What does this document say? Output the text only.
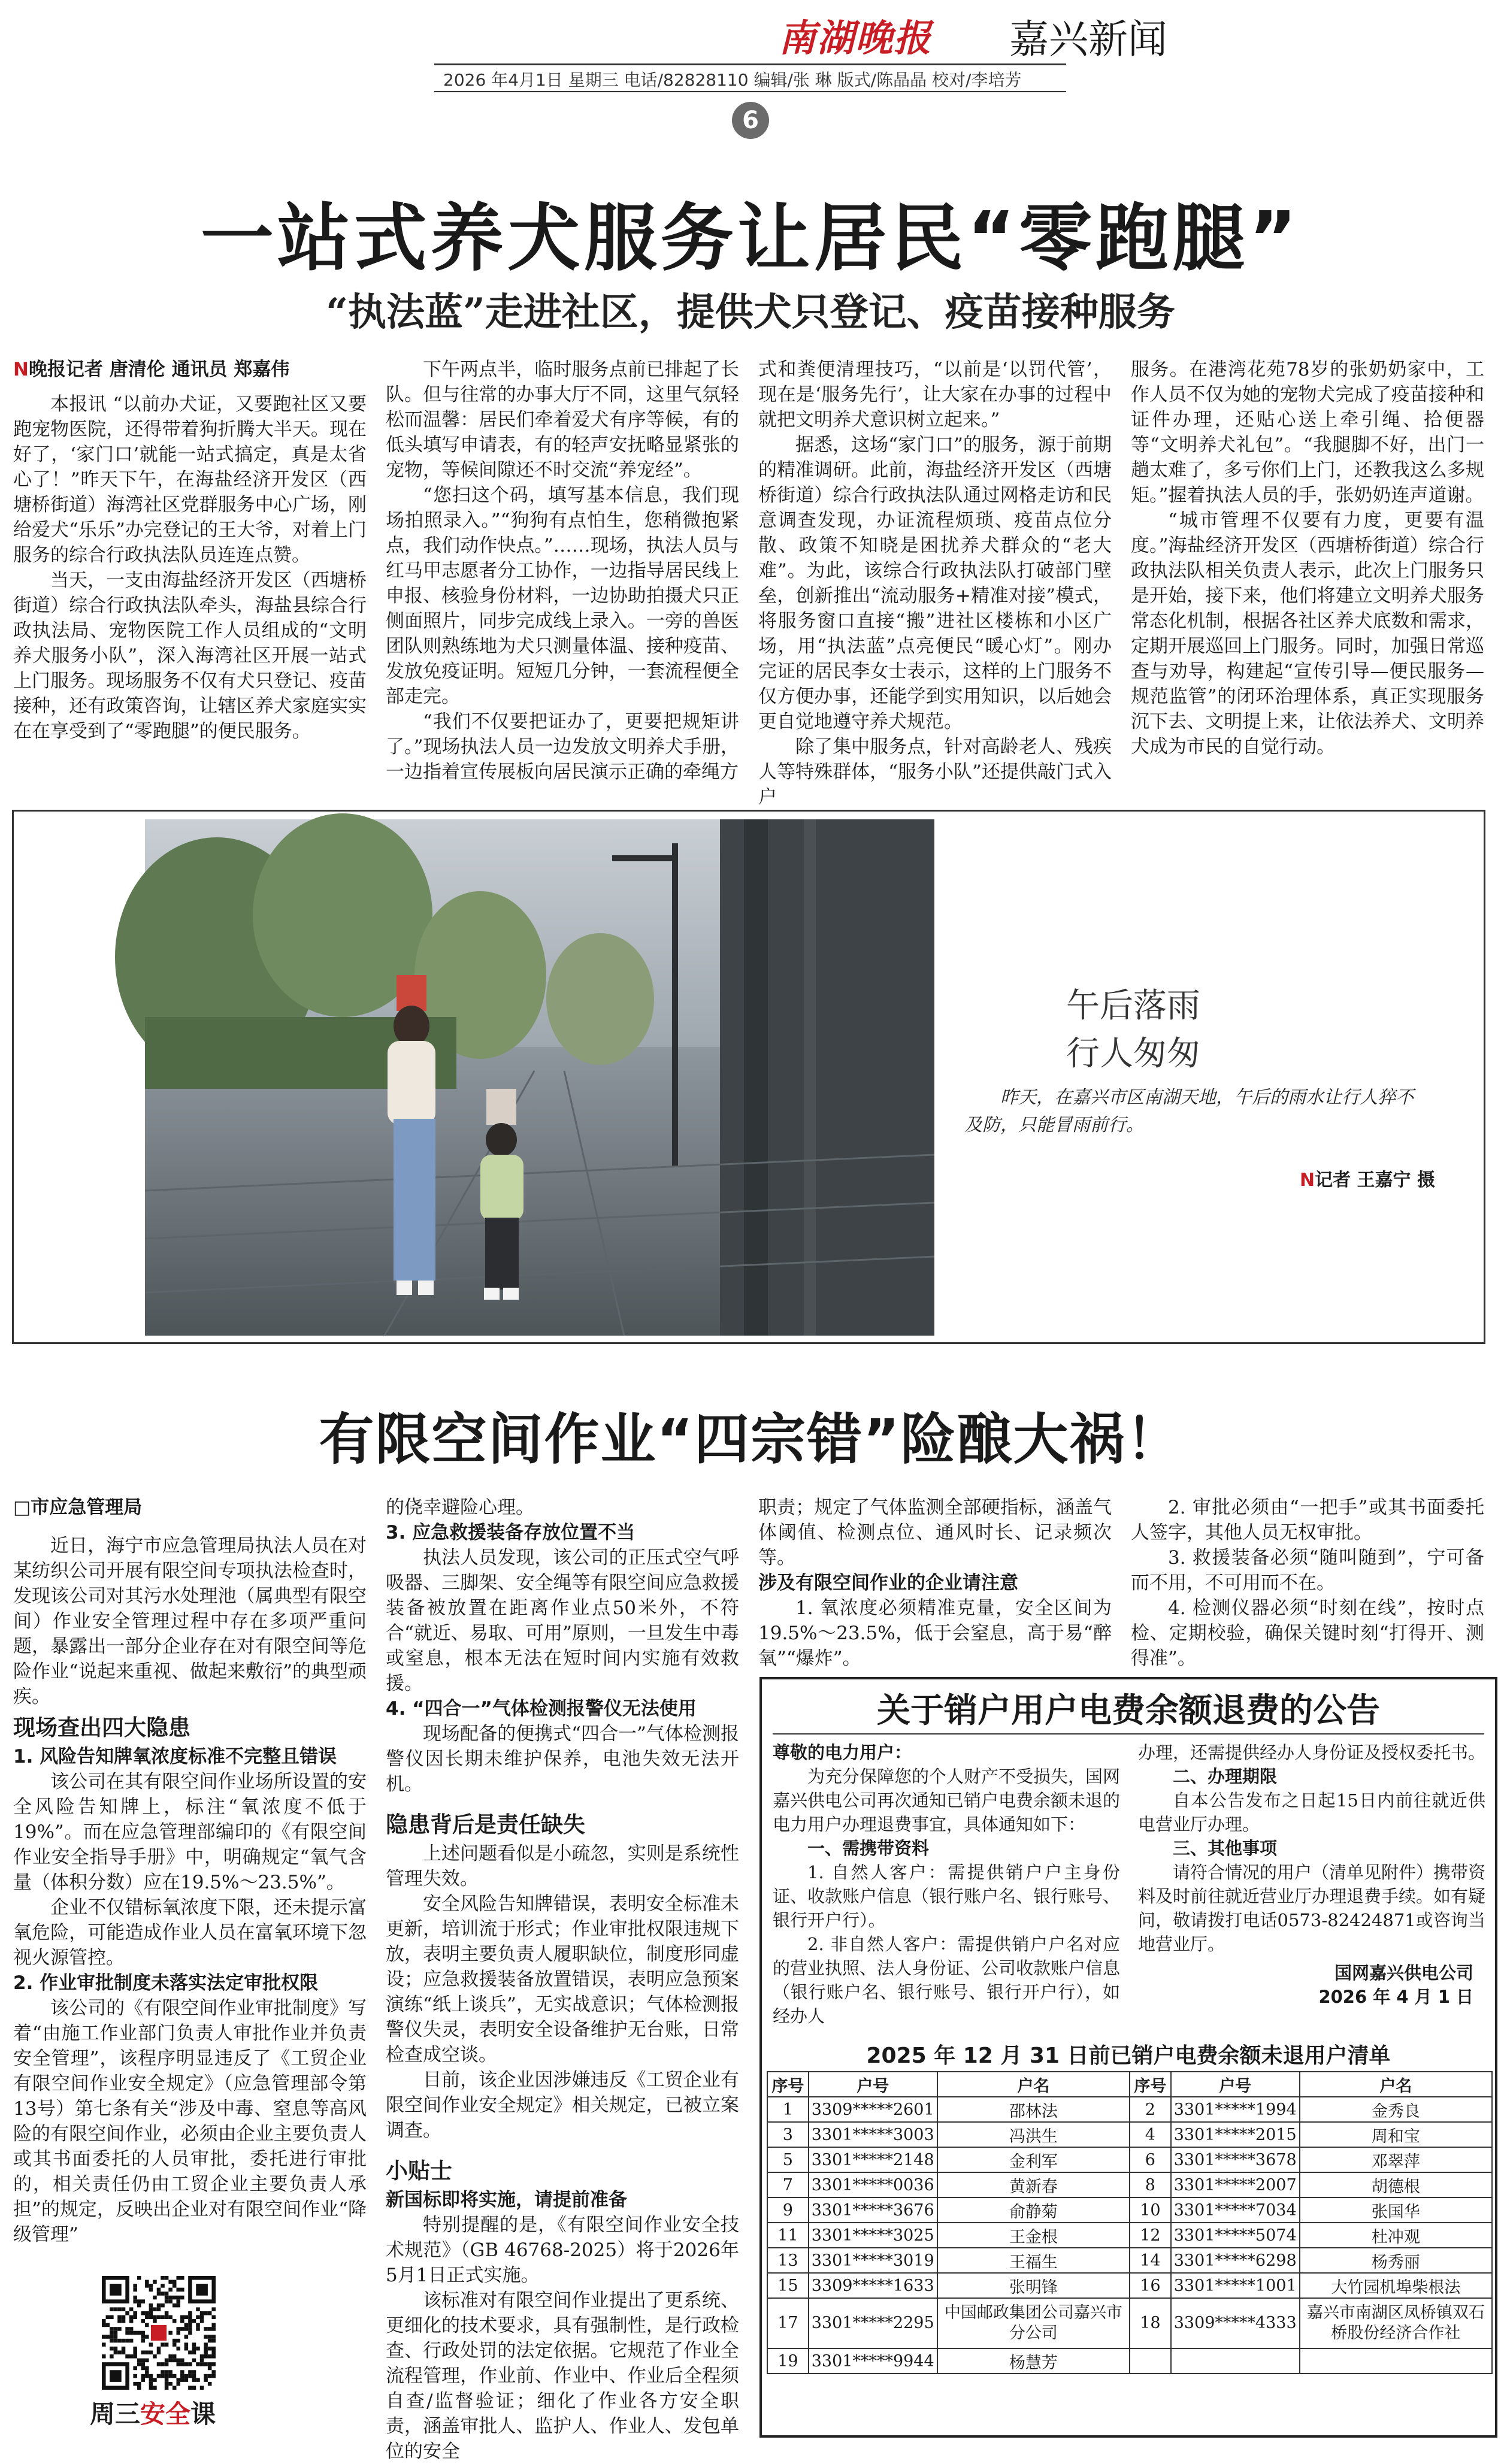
南湖晚报 嘉兴新闻
2026 年4月1日 星期三 电话/82828110 编辑/张 琳 版式/陈晶晶 校对/李培芳
6
一站式养犬服务让居民“零跑腿”
“执法蓝”走进社区，提供犬只登记、疫苗接种服务
N晚报记者 唐清伦 通讯员 郑嘉伟

本报讯 “以前办犬证，又要跑社区又要跑宠物医院，还得带着狗折腾大半天。现在好了，‘家门口’就能一站式搞定，真是太省心了！”昨天下午，在海盐经济开发区（西塘桥街道）海湾社区党群服务中心广场，刚给爱犬“乐乐”办完登记的王大爷，对着上门服务的综合行政执法队员连连点赞。

当天，一支由海盐经济开发区（西塘桥街道）综合行政执法队牵头，海盐县综合行政执法局、宠物医院工作人员组成的“文明养犬服务小队”，深入海湾社区开展一站式上门服务。现场服务不仅有犬只登记、疫苗接种，还有政策咨询，让辖区养犬家庭实实在在享受到了“零跑腿”的便民服务。

下午两点半，临时服务点前已排起了长队。但与往常的办事大厅不同，这里气氛轻松而温馨：居民们牵着爱犬有序等候，有的低头填写申请表，有的轻声安抚略显紧张的宠物，等候间隙还不时交流“养宠经”。

“您扫这个码，填写基本信息，我们现场拍照录入。”“狗狗有点怕生，您稍微抱紧点，我们动作快点。”……现场，执法人员与红马甲志愿者分工协作，一边指导居民线上申报、核验身份材料，一边协助拍摄犬只正侧面照片，同步完成线上录入。一旁的兽医团队则熟练地为犬只测量体温、接种疫苗、发放免疫证明。短短几分钟，一套流程便全部走完。

“我们不仅要把证办了，更要把规矩讲了。”现场执法人员一边发放文明养犬手册，一边指着宣传展板向居民演示正确的牵绳方

式和粪便清理技巧，“以前是‘以罚代管’，现在是‘服务先行’，让大家在办事的过程中就把文明养犬意识树立起来。”

据悉，这场“家门口”的服务，源于前期的精准调研。此前，海盐经济开发区（西塘桥街道）综合行政执法队通过网格走访和民意调查发现，办证流程烦琐、疫苗点位分散、政策不知晓是困扰养犬群众的“老大难”。为此，该综合行政执法队打破部门壁垒，创新推出“流动服务+精准对接”模式，将服务窗口直接“搬”进社区楼栋和小区广场，用“执法蓝”点亮便民“暖心灯”。刚办完证的居民李女士表示，这样的上门服务不仅方便办事，还能学到实用知识，以后她会更自觉地遵守养犬规范。

除了集中服务点，针对高龄老人、残疾人等特殊群体，“服务小队”还提供敲门式入户

服务。在港湾花苑78岁的张奶奶家中，工作人员不仅为她的宠物犬完成了疫苗接种和证件办理，还贴心送上牵引绳、拾便器等“文明养犬礼包”。“我腿脚不好，出门一趟太难了，多亏你们上门，还教我这么多规矩。”握着执法人员的手，张奶奶连声道谢。

“城市管理不仅要有力度，更要有温度。”海盐经济开发区（西塘桥街道）综合行政执法队相关负责人表示，此次上门服务只是开始，接下来，他们将建立文明养犬服务常态化机制，根据各社区养犬底数和需求，定期开展巡回上门服务。同时，加强日常巡查与劝导，构建起“宣传引导—便民服务—规范监管”的闭环治理体系，真正实现服务沉下去、文明提上来，让依法养犬、文明养犬成为市民的自觉行动。

午后落雨
行人匆匆
昨天，在嘉兴市区南湖天地，午后的雨水让行人猝不及防，只能冒雨前行。
N记者 王嘉宁 摄
有限空间作业“四宗错”险酿大祸！
□市应急管理局

近日，海宁市应急管理局执法人员在对某纺织公司开展有限空间专项执法检查时，发现该公司对其污水处理池（属典型有限空间）作业安全管理过程中存在多项严重问题，暴露出一部分企业存在对有限空间等危险作业“说起来重视、做起来敷衍”的典型顽疾。

现场查出四大隐患
1. 风险告知牌氧浓度标准不完整且错误

该公司在其有限空间作业场所设置的安全风险告知牌上，标注“氧浓度不低于19%”。而在应急管理部编印的《有限空间作业安全指导手册》中，明确规定“氧气含量（体积分数）应在19.5%～23.5%”。

企业不仅错标氧浓度下限，还未提示富氧危险，可能造成作业人员在富氧环境下忽视火源管控。

2. 作业审批制度未落实法定审批权限

该公司的《有限空间作业审批制度》写着“由施工作业部门负责人审批作业并负责安全管理”，该程序明显违反了《工贸企业有限空间作业安全规定》（应急管理部令第13号）第七条有关“涉及中毒、窒息等高风险的有限空间作业，必须由企业主要负责人或其书面委托的人员审批，委托进行审批的，相关责任仍由工贸企业主要负责人承担”的规定，反映出企业对有限空间作业“降级管理”

的侥幸避险心理。

3. 应急救援装备存放位置不当

执法人员发现，该公司的正压式空气呼吸器、三脚架、安全绳等有限空间应急救援装备被放置在距离作业点50米外，不符合“就近、易取、可用”原则，一旦发生中毒或窒息，根本无法在短时间内实施有效救援。

4. “四合一”气体检测报警仪无法使用

现场配备的便携式“四合一”气体检测报警仪因长期未维护保养，电池失效无法开机。

隐患背后是责任缺失

上述问题看似是小疏忽，实则是系统性管理失效。

安全风险告知牌错误，表明安全标准未更新，培训流于形式；作业审批权限违规下放，表明主要负责人履职缺位，制度形同虚设；应急救援装备放置错误，表明应急预案演练“纸上谈兵”，无实战意识；气体检测报警仪失灵，表明安全设备维护无台账，日常检查成空谈。

目前，该企业因涉嫌违反《工贸企业有限空间作业安全规定》相关规定，已被立案调查。

小贴士
新国标即将实施，请提前准备

特别提醒的是，《有限空间作业安全技术规范》（GB 46768-2025）将于2026年5月1日正式实施。

该标准对有限空间作业提出了更系统、更细化的技术要求，具有强制性，是行政检查、行政处罚的法定依据。它规范了作业全流程管理，作业前、作业中、作业后全程须自查/监督验证；细化了作业各方安全职责，涵盖审批人、监护人、作业人、发包单位的安全

职责；规定了气体监测全部硬指标，涵盖气体阈值、检测点位、通风时长、记录频次等。

涉及有限空间作业的企业请注意

1. 氧浓度必须精准克量，安全区间为19.5%～23.5%，低于会窒息，高于易“醉氧”“爆炸”。

2. 审批必须由“一把手”或其书面委托人签字，其他人员无权审批。

3. 救援装备必须“随叫随到”，宁可备而不用，不可用而不在。

4. 检测仪器必须“时刻在线”，按时点检、定期校验，确保关键时刻“打得开、测得准”。

关于销户用户电费余额退费的公告
尊敬的电力用户：

为充分保障您的个人财产不受损失，国网嘉兴供电公司再次通知已销户电费余额未退的电力用户办理退费事宜，具体通知如下：

一、需携带资料

1. 自然人客户：需提供销户户主身份证、收款账户信息（银行账户名、银行账号、银行开户行）。

2. 非自然人客户：需提供销户户名对应的营业执照、法人身份证、公司收款账户信息（银行账户名、银行账号、银行开户行），如经办人

办理，还需提供经办人身份证及授权委托书。

二、办理期限

自本公告发布之日起15日内前往就近供电营业厅办理。

三、其他事项

请符合情况的用户（清单见附件）携带资料及时前往就近营业厅办理退费手续。如有疑问，敬请拨打电话0573-82424871或咨询当地营业厅。

国网嘉兴供电公司
2026 年 4 月 1 日
2025 年 12 月 31 日前已销户电费余额未退用户清单
序号	户号	户名	序号	户号	户名
1	3309*****2601	邵林法	2	3301*****1994	金秀良
3	3301*****3003	冯洪生	4	3301*****2015	周和宝
5	3301*****2148	金利军	6	3301*****3678	邓翠萍
7	3301*****0036	黄新春	8	3301*****2007	胡德根
9	3301*****3676	俞静菊	10	3301*****7034	张国华
11	3301*****3025	王金根	12	3301*****5074	杜冲观
13	3301*****3019	王福生	14	3301*****6298	杨秀丽
15	3309*****1633	张明锋	16	3301*****1001	大竹园机埠柴根法
17	3301*****2295	中国邮政集团公司嘉兴市分公司	18	3309*****4333	嘉兴市南湖区凤桥镇双石桥股份经济合作社
19	3301*****9944	杨慧芳			
周三安全课
